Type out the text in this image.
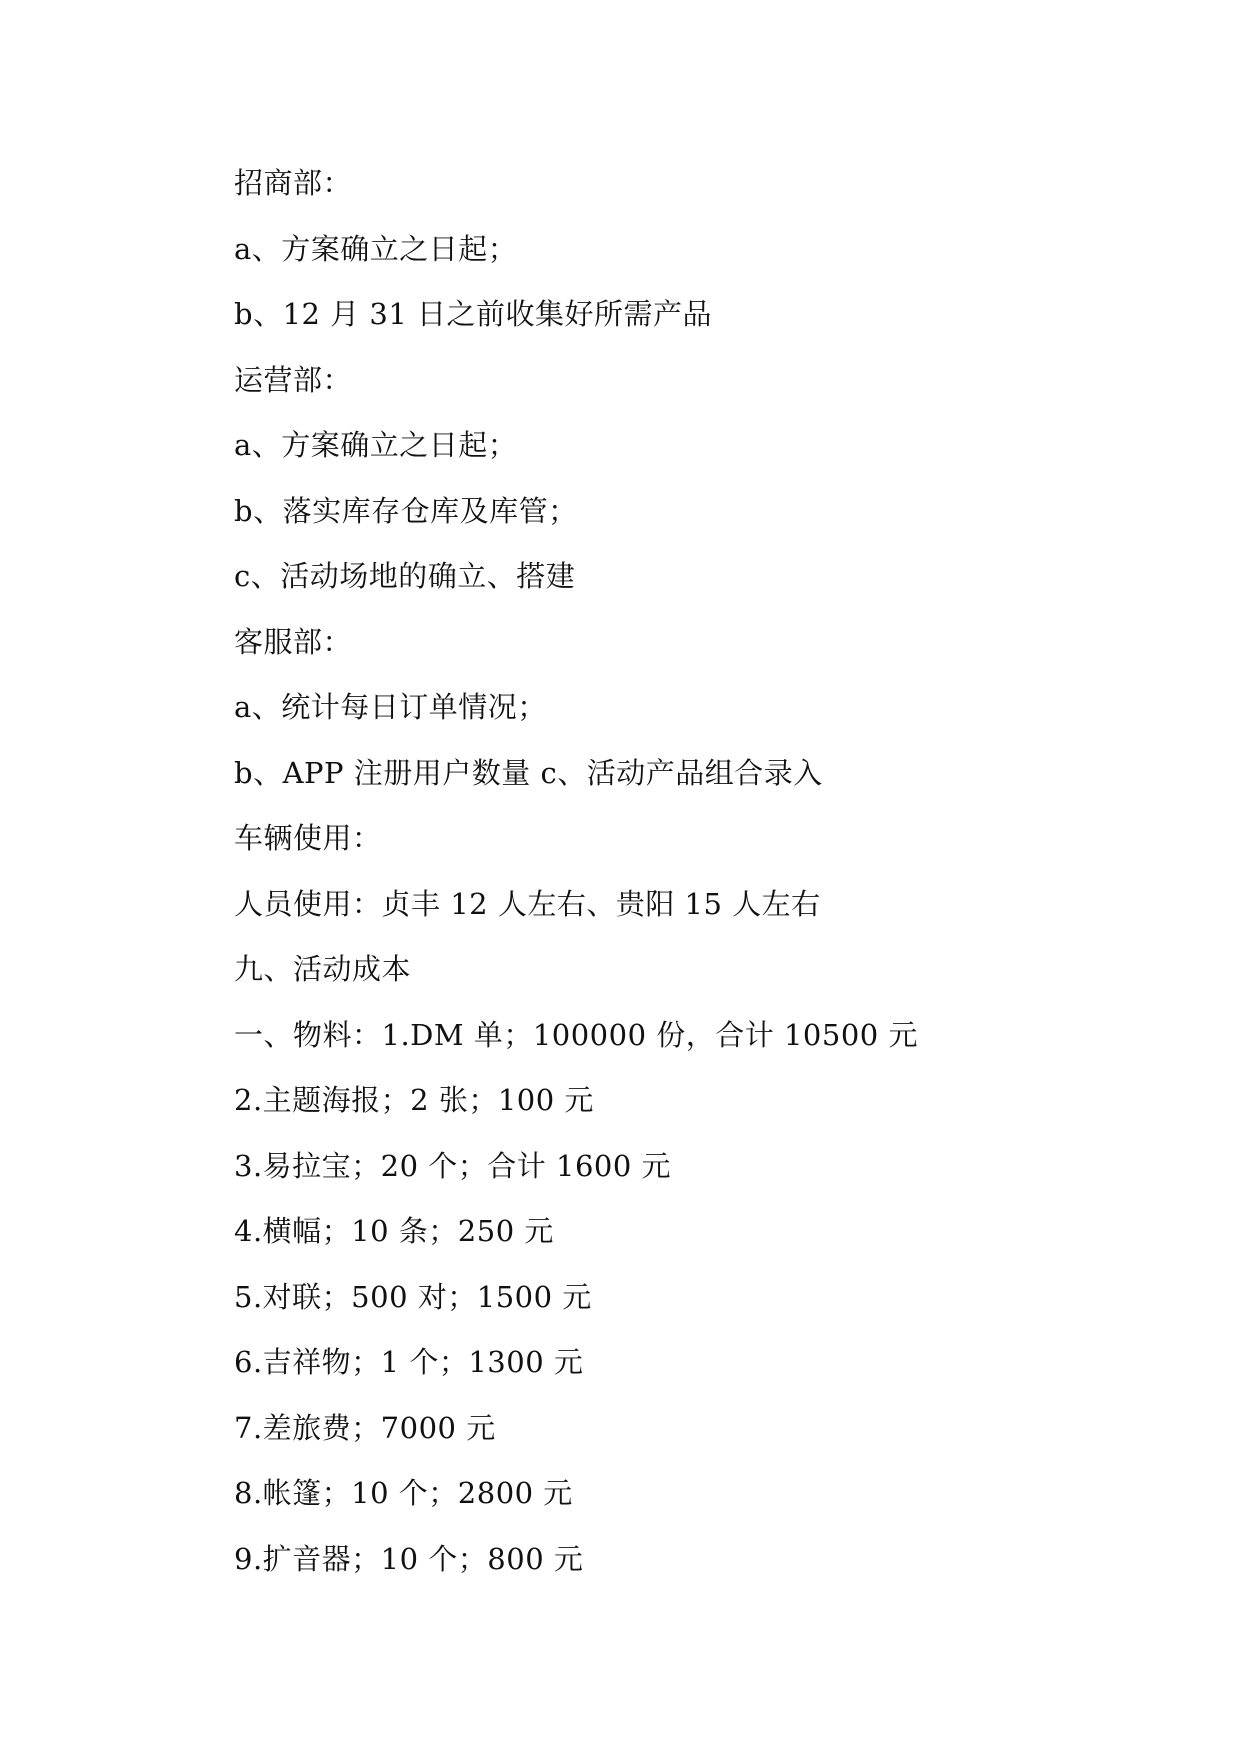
招商部：

a、方案确立之日起；

b、12 月 31 日之前收集好所需产品

运营部：

a、方案确立之日起；

b、落实库存仓库及库管；

c、活动场地的确立、搭建

客服部：

a、统计每日订单情况；

b、APP 注册用户数量 c、活动产品组合录入

车辆使用：

人员使用：贞丰 12 人左右、贵阳 15 人左右

九、活动成本

一、物料：1.DM 单；100000 份，合计 10500 元

2.主题海报；2 张；100 元

3.易拉宝；20 个；合计 1600 元

4.横幅；10 条；250 元

5.对联；500 对；1500 元

6.吉祥物；1 个；1300 元

7.差旅费；7000 元

8.帐篷；10 个；2800 元

9.扩音器；10 个；800 元
